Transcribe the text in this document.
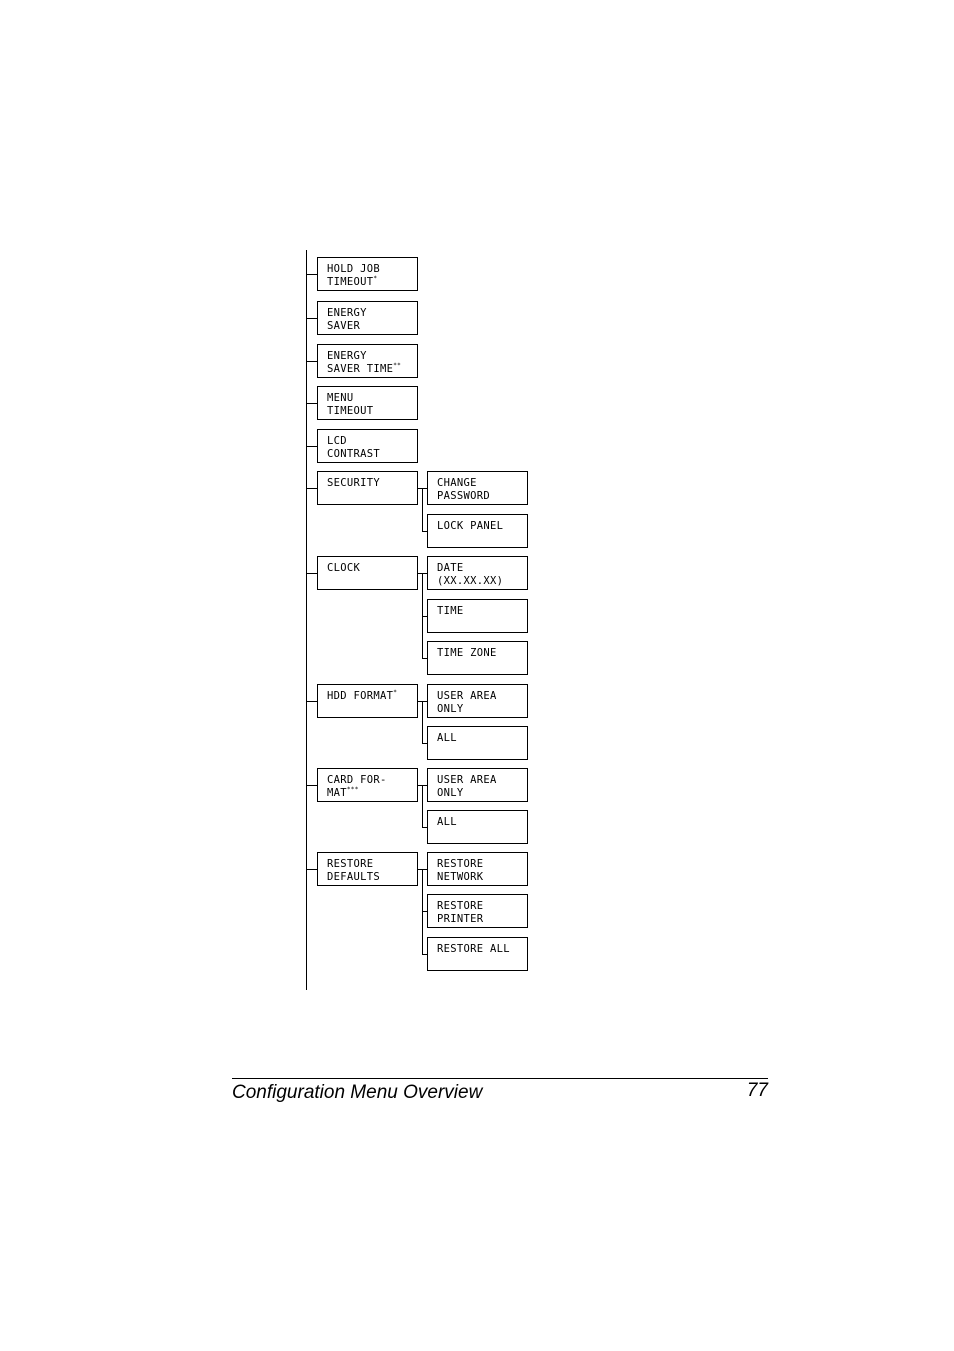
HOLD JOB
TIMEOUT*
ENERGY
SAVER
ENERGY
SAVER TIME**
MENU
TIMEOUT
LCD
CONTRAST
SECURITY	CHANGE
PASSWORD
LOCK PANEL
CLOCK	DATE
(XX.XX.XX)
TIME
TIME ZONE
HDD FORMAT*	USER AREA
ONLY
ALL
CARD FOR-
MAT***
USER AREA
ONLY
ALL
RESTORE
DEFAULTS
RESTORE
NETWORK
RESTORE
PRINTER
RESTORE ALL
Configuration Menu Overview	77
